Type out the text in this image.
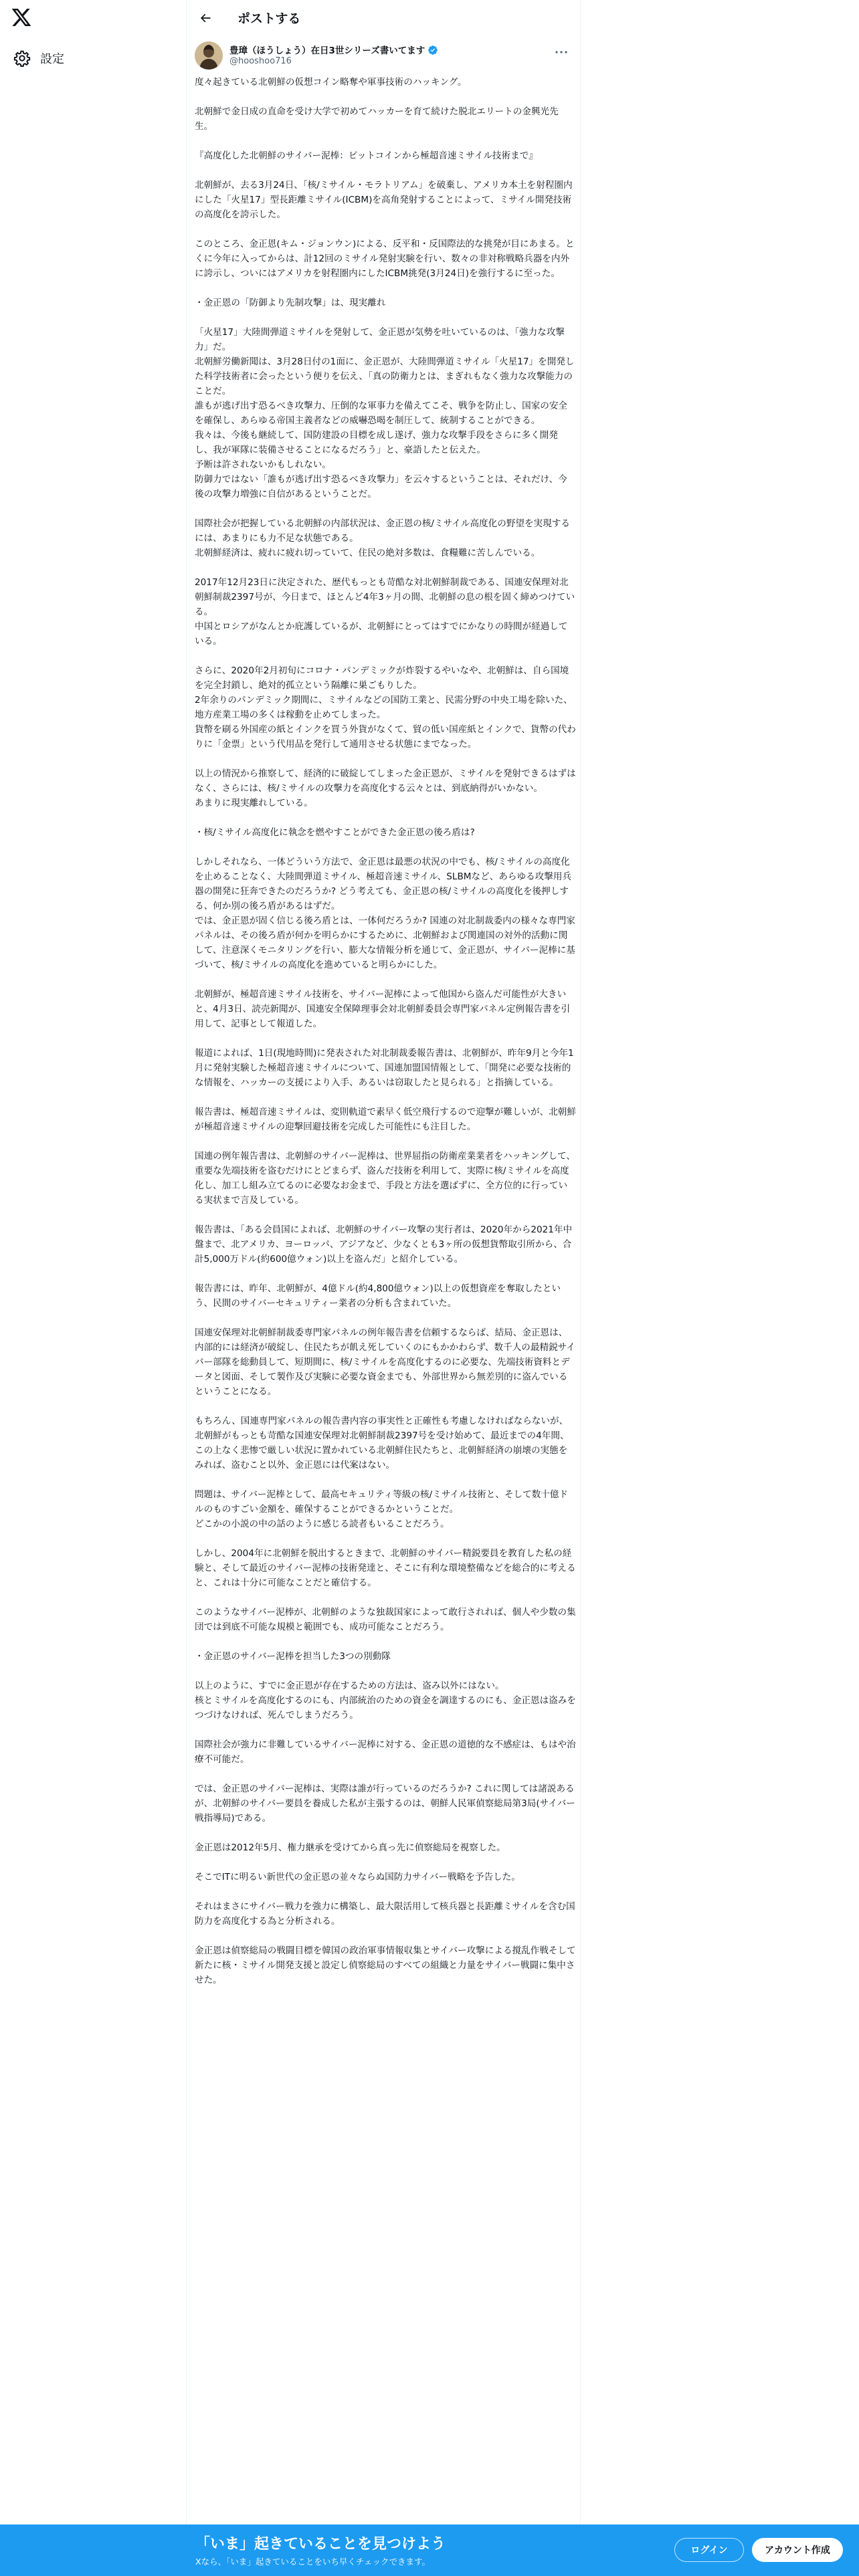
設定
ポストする
豊璋（ほうしょう）在日3世シリーズ書いてます
@hooshoo716

度々起きている北朝鮮の仮想コイン略奪や軍事技術のハッキング。

北朝鮮で金日成の直命を受け大学で初めてハッカーを育て続けた脱北エリートの金興光先生。

『高度化した北朝鮮のサイバー泥棒：ビットコインから極超音速ミサイル技術まで』

北朝鮮が、去る3月24日、「核/ミサイル・モラトリアム」を破棄し、アメリカ本土を射程圏内にした「火星17」型長距離ミサイル(ICBM)を高角発射することによって、ミサイル開発技術の高度化を誇示した。

このところ、金正恩(キム・ジョンウン)による、反平和・反国際法的な挑発が目にあまる。とくに今年に入ってからは、計12回のミサイル発射実験を行い、数々の非対称戦略兵器を内外に誇示し、ついにはアメリカを射程圏内にしたICBM挑発(3月24日)を強行するに至った。

・金正恩の「防御より先制攻撃」は、現実離れ

「火星17」大陸間弾道ミサイルを発射して、金正恩が気勢を吐いているのは、「強力な攻撃力」だ。
北朝鮮労働新聞は、3月28日付の1面に、金正恩が、大陸間弾道ミサイル「火星17」を開発した科学技術者に会ったという便りを伝え、「真の防衛力とは、まぎれもなく強力な攻撃能力のことだ。
誰もが逃げ出す恐るべき攻撃力、圧倒的な軍事力を備えてこそ、戦争を防止し、国家の安全を確保し、あらゆる帝国主義者などの威嚇恐喝を制圧して、統制することができる。
我々は、今後も継続して、国防建設の目標を成し遂げ、強力な攻撃手段をさらに多く開発し、我が軍隊に装備させることになるだろう」と、豪語したと伝えた。
予断は許されないかもしれない。
防御力ではない「誰もが逃げ出す恐るべき攻撃力」を云々するということは、それだけ、今後の攻撃力増強に自信があるということだ。

国際社会が把握している北朝鮮の内部状況は、金正恩の核/ミサイル高度化の野望を実現するには、あまりにも力不足な状態である。
北朝鮮経済は、疲れに疲れ切っていて、住民の絶対多数は、食糧難に苦しんでいる。

2017年12月23日に決定された、歴代もっとも苛酷な対北朝鮮制裁である、国連安保理対北朝鮮制裁2397号が、今日まで、ほとんど4年3ヶ月の間、北朝鮮の息の根を固く締めつけている。
中国とロシアがなんとか庇護しているが、北朝鮮にとってはすでにかなりの時間が経過している。

さらに、2020年2月初旬にコロナ・パンデミックが炸裂するやいなや、北朝鮮は、自ら国境を完全封鎖し、絶対的孤立という隔離に巣ごもりした。
2年余りのパンデミック期間に、ミサイルなどの国防工業と、民需分野の中央工場を除いた、地方産業工場の多くは稼動を止めてしまった。
貨幣を刷る外国産の紙とインクを買う外貨がなくて、貿の低い国産紙とインクで、貨幣の代わりに「金票」という代用品を発行して通用させる状態にまでなった。

以上の情況から推察して、経済的に破綻してしまった金正恩が、ミサイルを発射できるはずはなく、さらには、核/ミサイルの攻撃力を高度化する云々とは、到底納得がいかない。
あまりに現実離れしている。

・核/ミサイル高度化に執念を燃やすことができた金正恩の後ろ盾は?

しかしそれなら、一体どういう方法で、金正恩は最悪の状況の中でも、核/ミサイルの高度化を止めることなく、大陸間弾道ミサイル、極超音速ミサイル、SLBMなど、あらゆる攻撃用兵器の開発に狂奔できたのだろうか? どう考えても、金正恩の核/ミサイルの高度化を後押しする、何か別の後ろ盾があるはずだ。
では、金正恩が固く信じる後ろ盾とは、一体何だろうか? 国連の対北制裁委内の様々な専門家パネルは、その後ろ盾が何かを明らかにするために、北朝鮮および関連国の対外的活動に関して、注意深くモニタリングを行い、膨大な情報分析を通じて、金正恩が、サイバー泥棒に基づいて、核/ミサイルの高度化を進めていると明らかにした。

北朝鮮が、極超音速ミサイル技術を、サイバー泥棒によって他国から盗んだ可能性が大きいと、4月3日、読売新聞が、国連安全保障理事会対北朝鮮委員会専門家パネル定例報告書を引用して、記事として報道した。

報道によれば、1日(現地時間)に発表された対北制裁委報告書は、北朝鮮が、昨年9月と今年1月に発射実験した極超音速ミサイルについて、国連加盟国情報として、「開発に必要な技術的な情報を、ハッカーの支援により入手、あるいは窃取したと見られる」と指摘している。

報告書は、極超音速ミサイルは、変則軌道で素早く低空飛行するので迎撃が難しいが、北朝鮮が極超音速ミサイルの迎撃回避技術を完成した可能性にも注目した。

国連の例年報告書は、北朝鮮のサイバー泥棒は、世界屈指の防衛産業業者をハッキングして、重要な先端技術を盗むだけにとどまらず、盗んだ技術を利用して、実際に核/ミサイルを高度化し、加工し組み立てるのに必要なお金まで、手段と方法を選ばずに、全方位的に行っている実状まで言及している。

報告書は、「ある会員国によれば、北朝鮮のサイバー攻撃の実行者は、2020年から2021年中盤まで、北アメリカ、ヨーロッパ、アジアなど、少なくとも3ヶ所の仮想貨幣取引所から、合計5,000万ドル(約600億ウォン)以上を盗んだ」と紹介している。

報告書には、昨年、北朝鮮が、4億ドル(約4,800億ウォン)以上の仮想資産を奪取したという、民間のサイバーセキュリティー業者の分析も含まれていた。

国連安保理対北朝鮮制裁委専門家パネルの例年報告書を信頼するならば、結局、金正恩は、内部的には経済が破綻し、住民たちが飢え死していくのにもかかわらず、数千人の最精鋭サイバー部隊を総動員して、短期間に、核/ミサイルを高度化するのに必要な、先端技術資料とデータと図面、そして製作及び実験に必要な資金までも、外部世界から無差別的に盗んでいるということになる。

もちろん、国連専門家パネルの報告書内容の事実性と正確性も考慮しなければならないが、北朝鮮がもっとも苛酷な国連安保理対北朝鮮制裁2397号を受け始めて、最近までの4年間、この上なく悲惨で厳しい状況に置かれている北朝鮮住民たちと、北朝鮮経済の崩壊の実態をみれば、盗むこと以外、金正恩には代案はない。

問題は、サイバー泥棒として、最高セキュリティ等級の核/ミサイル技術と、そして数十億ドルのものすごい金額を、確保することができるかということだ。
どこかの小説の中の話のように感じる読者もいることだろう。

しかし、2004年に北朝鮮を脱出するときまで、北朝鮮のサイバー精鋭要員を教育した私の経験と、そして最近のサイバー泥棒の技術発達と、そこに有利な環境整備などを総合的に考えると、これは十分に可能なことだと確信する。

このようなサイバー泥棒が、北朝鮮のような独裁国家によって敢行されれば、個人や少数の集団では到底不可能な規模と範囲でも、成功可能なことだろう。

・金正恩のサイバー泥棒を担当した3つの別動隊

以上のように、すでに金正恩が存在するための方法は、盗み以外にはない。
核とミサイルを高度化するのにも、内部統治のための資金を調達するのにも、金正恩は盗みをつづけなければ、死んでしまうだろう。

国際社会が強力に非難しているサイバー泥棒に対する、金正恩の道徳的な不感症は、もはや治療不可能だ。

では、金正恩のサイバー泥棒は、実際は誰が行っているのだろうか? これに関しては諸説あるが、北朝鮮のサイバー要員を養成した私が主張するのは、朝鮮人民軍偵察総局第3局(サイバー戦指導局)である。

金正恩は2012年5月、権力継承を受けてから真っ先に偵察総局を視察した。

そこでITに明るい新世代の金正恩の並々ならぬ国防力サイバー戦略を予告した。

それはまさにサイバー戦力を強力に構築し、最大限活用して核兵器と長距離ミサイルを含む国防力を高度化する為と分析される。

金正恩は偵察総局の戦闘目標を韓国の政治軍事情報収集とサイバー攻撃による撹乱作戦そして新たに核・ミサイル開発支援と設定し偵察総局のすべての組織と力量をサイバー戦闘に集中させた。

「いま」起きていることを見つけよう
Xなら、「いま」起きていることをいち早くチェックできます。
ログイン	アカウント作成
